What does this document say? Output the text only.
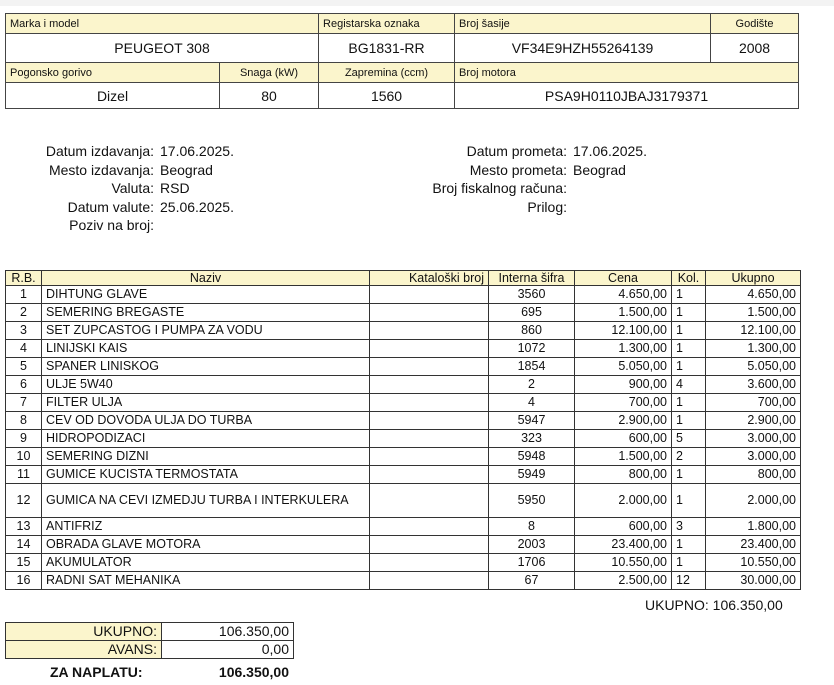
Marka i model		Registarska oznaka	Broj šasije	Godište
PEUGEOT 308		BG1831-RR	VF34E9HZH55264139	2008
Pogonsko gorivo	Snaga (kW)	Zapremina (ccm)	Broj motora	
Dizel	80	1560	PSA9H0110JBAJ3179371	
Datum izdavanja: 17.06.2025.
Mesto izdavanja: Beograd
Valuta: RSD
Datum valute: 25.06.2025.
Poziv na broj:
Datum prometa: 17.06.2025.
Mesto prometa: Beograd
Broj fiskalnog računa:
Prilog:
R.B.	Naziv	Kataloški broj	Interna šifra	Cena	Kol.	Ukupno
1	DIHTUNG GLAVE		3560	4.650,00	1	4.650,00
2	SEMERING BREGASTE		695	1.500,00	1	1.500,00
3	SET ZUPCASTOG I PUMPA ZA VODU		860	12.100,00	1	12.100,00
4	LINIJSKI KAIS		1072	1.300,00	1	1.300,00
5	SPANER LINISKOG		1854	5.050,00	1	5.050,00
6	ULJE 5W40		2	900,00	4	3.600,00
7	FILTER ULJA		4	700,00	1	700,00
8	CEV OD DOVODA ULJA DO TURBA		5947	2.900,00	1	2.900,00
9	HIDROPODIZACI		323	600,00	5	3.000,00
10	SEMERING DIZNI		5948	1.500,00	2	3.000,00
11	GUMICE KUCISTA TERMOSTATA		5949	800,00	1	800,00
12	GUMICA NA CEVI IZMEDJU TURBA I INTERKULERA		5950	2.000,00	1	2.000,00
13	ANTIFRIZ		8	600,00	3	1.800,00
14	OBRADA GLAVE MOTORA		2003	23.400,00	1	23.400,00
15	AKUMULATOR		1706	10.550,00	1	10.550,00
16	RADNI SAT MEHANIKA		67	2.500,00	12	30.000,00
UKUPNO: 106.350,00
UKUPNO:	106.350,00
AVANS:	0,00
ZA NAPLATU:	106.350,00
